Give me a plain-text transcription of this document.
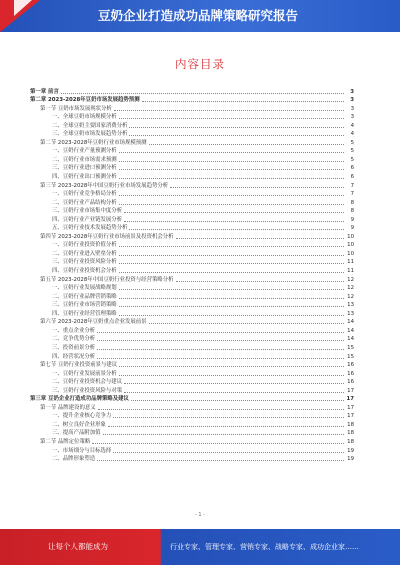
豆奶企业打造成功品牌策略研究报告
内容目录
第一章 前言	3
第二章 2023-2028年豆奶市场发展趋势预测	3
第一节 豆奶市场发展现状分析	3
一、全球豆奶市场规模分析	3
二、全球豆奶主要国家消费分析	4
三、全球豆奶市场发展趋势分析	4
第二节 2023-2028年豆奶行业市场规模预测	5
一、豆奶行业产量预测分析	5
二、豆奶行业市场需求预测	5
三、豆奶行业进口预测分析	6
四、豆奶行业出口预测分析	6
第三节 2023-2028年中国豆奶行业市场发展趋势分析	7
一、豆奶行业竞争格局分析	7
二、豆奶行业产品结构分析	8
三、豆奶行业市场集中度分析	8
四、豆奶行业产业链发展分析	9
五、豆奶行业技术发展趋势分析	9
第四节 2023-2028年豆奶行业市场前景及投资机会分析	10
一、豆奶行业投资价值分析	10
二、豆奶行业进入壁垒分析	10
三、豆奶行业投资风险分析	11
四、豆奶行业投资机会分析	11
第五节 2023-2028年中国豆奶行业投资与经营策略分析	12
一、豆奶行业发展战略规划	12
二、豆奶行业品牌营销策略	12
三、豆奶行业市场营销策略	13
四、豆奶行业经营管理策略	13
第六节 2023-2028年豆奶重点企业发展前景	14
一、重点企业分析	14
二、竞争优势分析	14
三、投资前景分析	15
四、经营状况分析	15
第七节 豆奶行业投资前景与建议	16
一、豆奶行业发展前景分析	16
二、豆奶行业投资机会与建议	16
三、豆奶行业投资风险与对策	17
第三章 豆奶企业打造成功品牌策略及建议	17
第一节 品牌建设的意义	17
一、提升企业核心竞争力	17
二、树立良好企业形象	18
三、提高产品附加值	18
第二节 品牌定位策略	18
一、市场细分与目标选择	19
二、品牌形象塑造	19
- 1 -
让每个人都能成为	行业专家、管理专家、营销专家、战略专家、成功企业家……
